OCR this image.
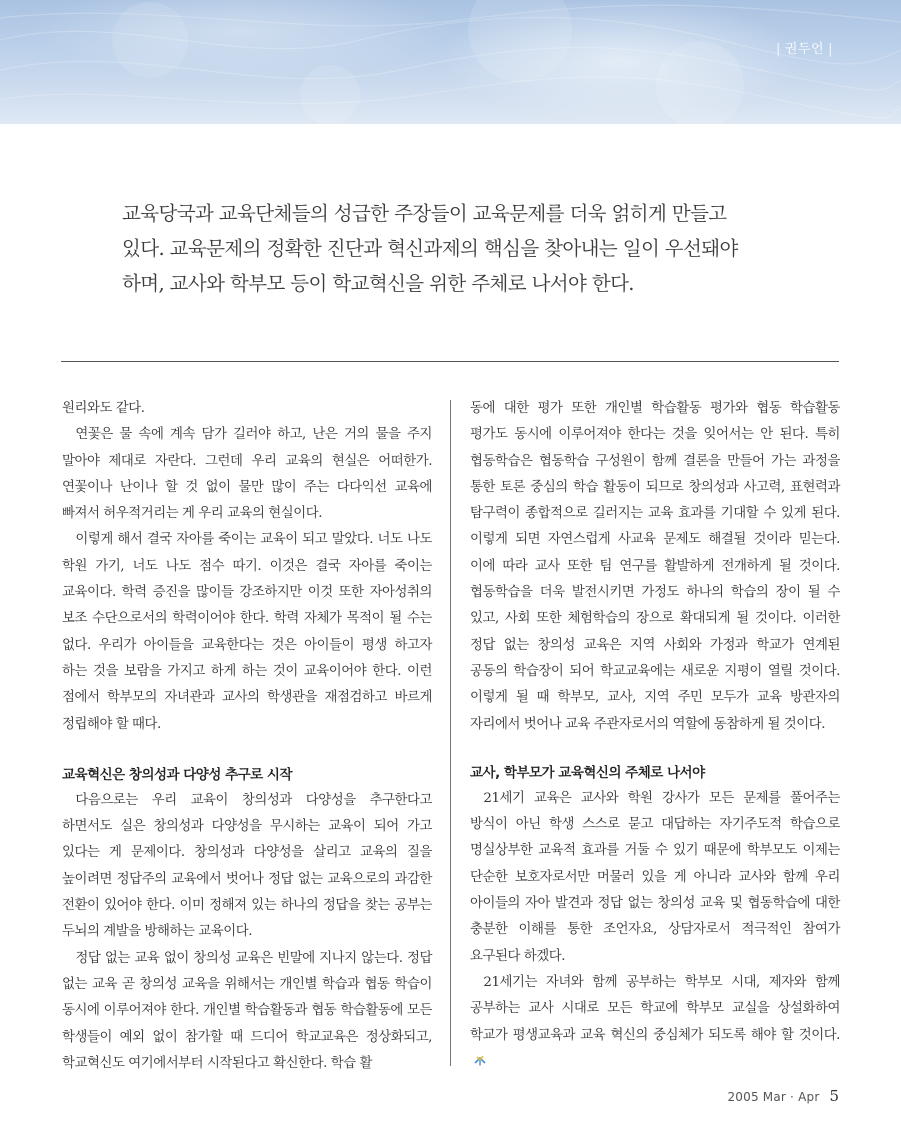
| 권두언 |
교육당국과 교육단체들의 성급한 주장들이 교육문제를 더욱 얽히게 만들고 있다. 교육문제의 정확한 진단과 혁신과제의 핵심을 찾아내는 일이 우선돼야 하며, 교사와 학부모 등이 학교혁신을 위한 주체로 나서야 한다.

원리와도 같다.

연꽃은 물 속에 계속 담가 길러야 하고, 난은 거의 물을 주지 말아야 제대로 자란다. 그런데 우리 교육의 현실은 어떠한가. 연꽃이나 난이나 할 것 없이 물만 많이 주는 다다익선 교육에 빠져서 허우적거리는 게 우리 교육의 현실이다.

이렇게 해서 결국 자아를 죽이는 교육이 되고 말았다. 너도 나도 학원 가기, 너도 나도 점수 따기. 이것은 결국 자아를 죽이는 교육이다. 학력 증진을 많이들 강조하지만 이것 또한 자아성취의 보조 수단으로서의 학력이어야 한다. 학력 자체가 목적이 될 수는 없다. 우리가 아이들을 교육한다는 것은 아이들이 평생 하고자 하는 것을 보람을 가지고 하게 하는 것이 교육이어야 한다. 이런 점에서 학부모의 자녀관과 교사의 학생관을 재점검하고 바르게 정립해야 할 때다.

교육혁신은 창의성과 다양성 추구로 시작

다음으로는 우리 교육이 창의성과 다양성을 추구한다고 하면서도 실은 창의성과 다양성을 무시하는 교육이 되어 가고 있다는 게 문제이다. 창의성과 다양성을 살리고 교육의 질을 높이려면 정답주의 교육에서 벗어나 정답 없는 교육으로의 과감한 전환이 있어야 한다. 이미 정해져 있는 하나의 정답을 찾는 공부는 두뇌의 계발을 방해하는 교육이다.

정답 없는 교육 없이 창의성 교육은 빈말에 지나지 않는다. 정답 없는 교육 곧 창의성 교육을 위해서는 개인별 학습과 협동 학습이 동시에 이루어져야 한다. 개인별 학습활동과 협동 학습활동에 모든 학생들이 예외 없이 참가할 때 드디어 학교교육은 정상화되고, 학교혁신도 여기에서부터 시작된다고 확신한다. 학습 활

동에 대한 평가 또한 개인별 학습활동 평가와 협동 학습활동 평가도 동시에 이루어져야 한다는 것을 잊어서는 안 된다. 특히 협동학습은 협동학습 구성원이 함께 결론을 만들어 가는 과정을 통한 토론 중심의 학습 활동이 되므로 창의성과 사고력, 표현력과 탐구력이 종합적으로 길러지는 교육 효과를 기대할 수 있게 된다. 이렇게 되면 자연스럽게 사교육 문제도 해결될 것이라 믿는다. 이에 따라 교사 또한 팀 연구를 활발하게 전개하게 될 것이다. 협동학습을 더욱 발전시키면 가정도 하나의 학습의 장이 될 수 있고, 사회 또한 체험학습의 장으로 확대되게 될 것이다. 이러한 정답 없는 창의성 교육은 지역 사회와 가정과 학교가 연계된 공동의 학습장이 되어 학교교육에는 새로운 지평이 열릴 것이다. 이렇게 될 때 학부모, 교사, 지역 주민 모두가 교육 방관자의 자리에서 벗어나 교육 주관자로서의 역할에 동참하게 될 것이다.

교사, 학부모가 교육혁신의 주체로 나서야

21세기 교육은 교사와 학원 강사가 모든 문제를 풀어주는 방식이 아닌 학생 스스로 묻고 대답하는 자기주도적 학습으로 명실상부한 교육적 효과를 거둘 수 있기 때문에 학부모도 이제는 단순한 보호자로서만 머물러 있을 게 아니라 교사와 함께 우리 아이들의 자아 발견과 정답 없는 창의성 교육 및 협동학습에 대한 충분한 이해를 통한 조언자요, 상담자로서 적극적인 참여가 요구된다 하겠다.

21세기는 자녀와 함께 공부하는 학부모 시대, 제자와 함께 공부하는 교사 시대로 모든 학교에 학부모 교실을 상설화하여 학교가 평생교육과 교육 혁신의 중심체가 되도록 해야 할 것이다.

2005 Mar · Apr 5
